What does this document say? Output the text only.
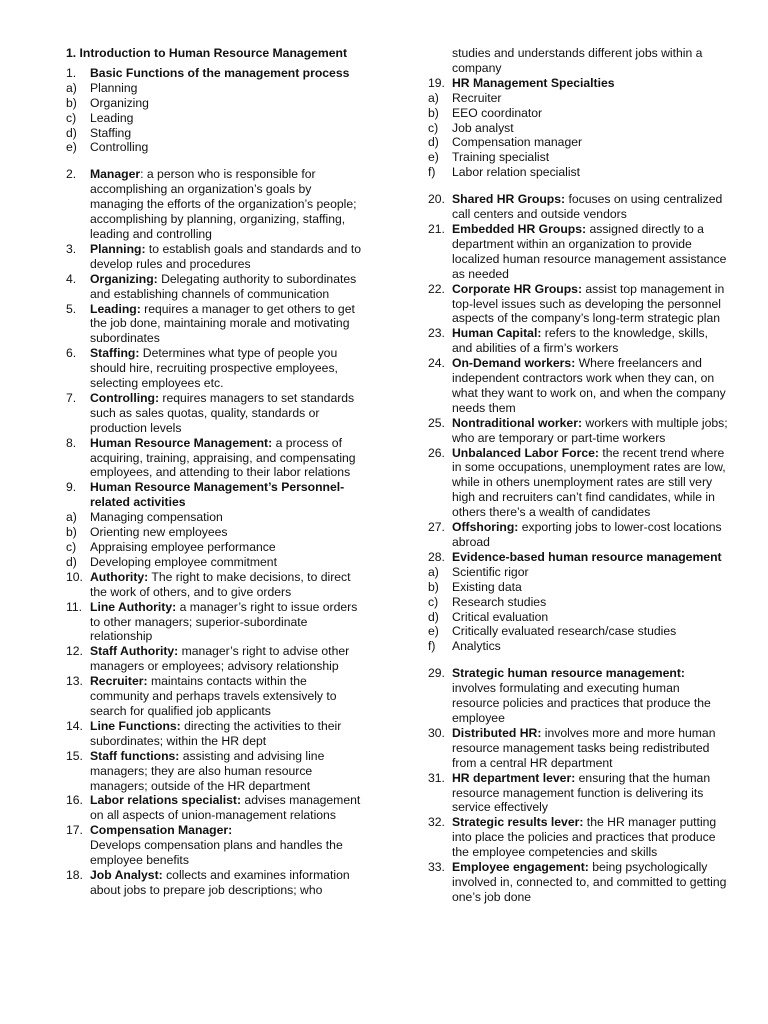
1. Introduction to Human Resource Management
1.	Basic Functions of the management process
a)	Planning
b)	Organizing
c)	Leading
d)	Staffing
e)	Controlling
2.	Manager: a person who is responsible for accomplishing an organization’s goals by managing the efforts of the organization’s people; accomplishing by planning, organizing, staffing, leading and controlling
3.	Planning: to establish goals and standards and to develop rules and procedures
4.	Organizing: Delegating authority to subordinates and establishing channels of communication
5.	Leading: requires a manager to get others to get the job done, maintaining morale and motivating subordinates
6.	Staffing: Determines what type of people you should hire, recruiting prospective employees, selecting employees etc.
7.	Controlling: requires managers to set standards such as sales quotas, quality, standards or production levels
8.	Human Resource Management: a process of acquiring, training, appraising, and compensating employees, and attending to their labor relations
9.	Human Resource Management’s Personnel-related activities
a)	Managing compensation
b)	Orienting new employees
c)	Appraising employee performance
d)	Developing employee commitment
10. Authority: The right to make decisions, to direct the work of others, and to give orders
11. Line Authority: a manager’s right to issue orders to other managers; superior-subordinate relationship
12. Staff Authority: manager’s right to advise other managers or employees; advisory relationship
13. Recruiter: maintains contacts within the community and perhaps travels extensively to search for qualified job applicants
14. Line Functions: directing the activities to their subordinates; within the HR dept
15. Staff functions: assisting and advising line managers; they are also human resource managers; outside of the HR department
16. Labor relations specialist: advises management on all aspects of union-management relations
17. Compensation Manager:
Develops compensation plans and handles the employee benefits
18. Job Analyst: collects and examines information about jobs to prepare job descriptions; who
studies and understands different jobs within a company
19. HR Management Specialties
a)	Recruiter
b)	EEO coordinator
c)	Job analyst
d)	Compensation manager
e)	Training specialist
f)	Labor relation specialist
20. Shared HR Groups: focuses on using centralized call centers and outside vendors
21. Embedded HR Groups: assigned directly to a department within an organization to provide localized human resource management assistance as needed
22. Corporate HR Groups: assist top management in top-level issues such as developing the personnel aspects of the company’s long-term strategic plan
23. Human Capital: refers to the knowledge, skills, and abilities of a firm’s workers
24. On-Demand workers: Where freelancers and independent contractors work when they can, on what they want to work on, and when the company needs them
25. Nontraditional worker: workers with multiple jobs; who are temporary or part-time workers
26. Unbalanced Labor Force: the recent trend where in some occupations, unemployment rates are low, while in others unemployment rates are still very high and recruiters can’t find candidates, while in others there’s a wealth of candidates
27. Offshoring: exporting jobs to lower-cost locations abroad
28. Evidence-based human resource management
a)	Scientific rigor
b)	Existing data
c)	Research studies
d)	Critical evaluation
e)	Critically evaluated research/case studies
f)	Analytics
29. Strategic human resource management: involves formulating and executing human resource policies and practices that produce the employee
30. Distributed HR: involves more and more human resource management tasks being redistributed from a central HR department
31. HR department lever: ensuring that the human resource management function is delivering its service effectively
32. Strategic results lever: the HR manager putting into place the policies and practices that produce the employee competencies and skills
33. Employee engagement: being psychologically involved in, connected to, and committed to getting one’s job done
